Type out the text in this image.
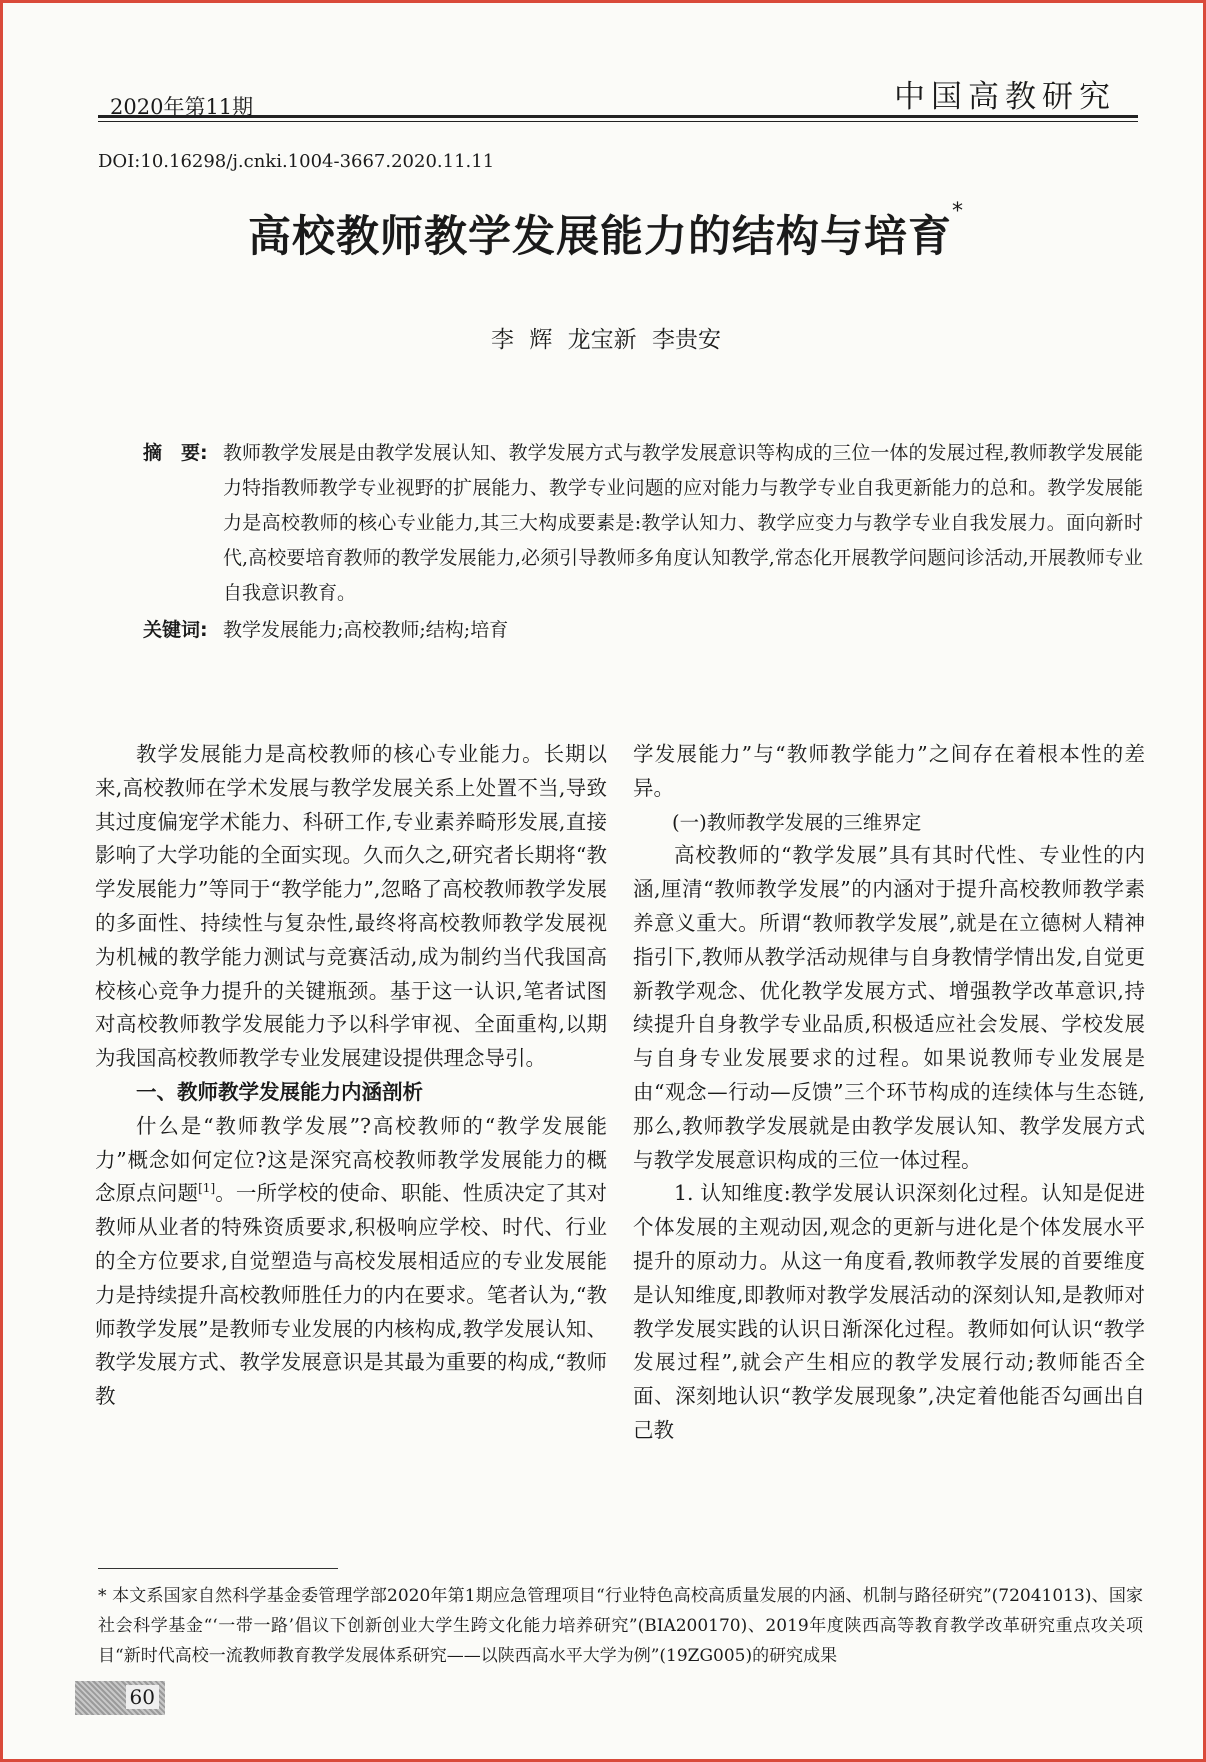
2020年第11期	中国高教研究
DOI:10.16298/j.cnki.1004-3667.2020.11.11
高校教师教学发展能力的结构与培育*
李 辉 龙宝新 李贵安
摘　要: 教师教学发展是由教学发展认知、教学发展方式与教学发展意识等构成的三位一体的发展过程,教师教学发展能力特指教师教学专业视野的扩展能力、教学专业问题的应对能力与教学专业自我更新能力的总和。教学发展能力是高校教师的核心专业能力,其三大构成要素是:教学认知力、教学应变力与教学专业自我发展力。面向新时代,高校要培育教师的教学发展能力,必须引导教师多角度认知教学,常态化开展教学问题问诊活动,开展教师专业自我意识教育。
关键词: 教学发展能力;高校教师;结构;培育

教学发展能力是高校教师的核心专业能力。长期以来,高校教师在学术发展与教学发展关系上处置不当,导致其过度偏宠学术能力、科研工作,专业素养畸形发展,直接影响了大学功能的全面实现。久而久之,研究者长期将“教学发展能力”等同于“教学能力”,忽略了高校教师教学发展的多面性、持续性与复杂性,最终将高校教师教学发展视为机械的教学能力测试与竞赛活动,成为制约当代我国高校核心竞争力提升的关键瓶颈。基于这一认识,笔者试图对高校教师教学发展能力予以科学审视、全面重构,以期为我国高校教师教学专业发展建设提供理念导引。

一、教师教学发展能力内涵剖析

什么是“教师教学发展”?高校教师的“教学发展能力”概念如何定位?这是深究高校教师教学发展能力的概念原点问题[1]。一所学校的使命、职能、性质决定了其对教师从业者的特殊资质要求,积极响应学校、时代、行业的全方位要求,自觉塑造与高校发展相适应的专业发展能力是持续提升高校教师胜任力的内在要求。笔者认为,“教师教学发展”是教师专业发展的内核构成,教学发展认知、教学发展方式、教学发展意识是其最为重要的构成,“教师教

学发展能力”与“教师教学能力”之间存在着根本性的差异。

(一)教师教学发展的三维界定

高校教师的“教学发展”具有其时代性、专业性的内涵,厘清“教师教学发展”的内涵对于提升高校教师教学素养意义重大。所谓“教师教学发展”,就是在立德树人精神指引下,教师从教学活动规律与自身教情学情出发,自觉更新教学观念、优化教学发展方式、增强教学改革意识,持续提升自身教学专业品质,积极适应社会发展、学校发展与自身专业发展要求的过程。如果说教师专业发展是由“观念—行动—反馈”三个环节构成的连续体与生态链,那么,教师教学发展就是由教学发展认知、教学发展方式与教学发展意识构成的三位一体过程。

1. 认知维度:教学发展认识深刻化过程。认知是促进个体发展的主观动因,观念的更新与进化是个体发展水平提升的原动力。从这一角度看,教师教学发展的首要维度是认知维度,即教师对教学发展活动的深刻认知,是教师对教学发展实践的认识日渐深化过程。教师如何认识“教学发展过程”,就会产生相应的教学发展行动;教师能否全面、深刻地认识“教学发展现象”,决定着他能否勾画出自己教

* 本文系国家自然科学基金委管理学部2020年第1期应急管理项目“行业特色高校高质量发展的内涵、机制与路径研究”(72041013)、国家社会科学基金“‘一带一路’倡议下创新创业大学生跨文化能力培养研究”(BIA200170)、2019年度陕西高等教育教学改革研究重点攻关项目“新时代高校一流教师教育教学发展体系研究——以陕西高水平大学为例”(19ZG005)的研究成果
60
